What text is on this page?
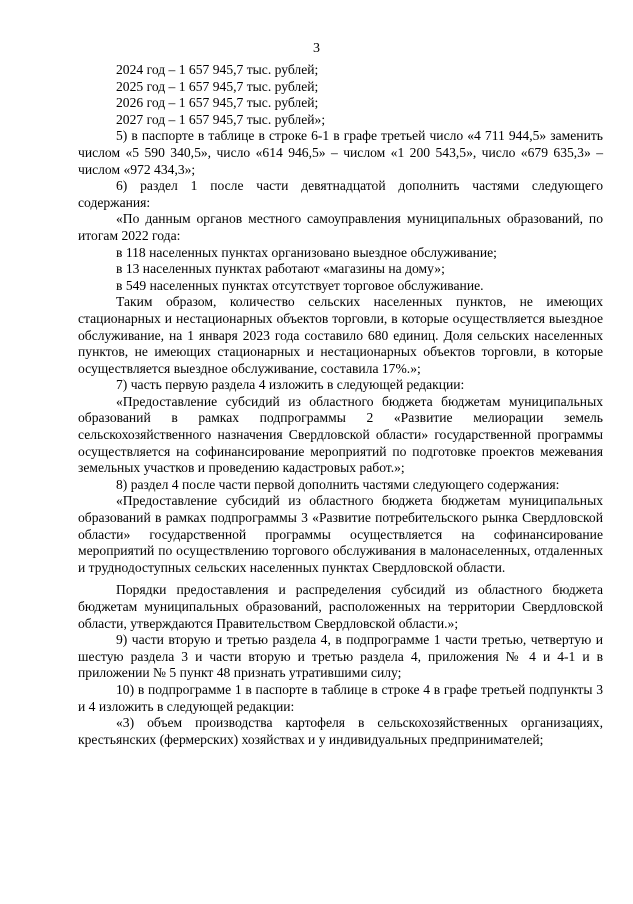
3

2024 год – 1 657 945,7 тыс. рублей;

2025 год – 1 657 945,7 тыс. рублей;

2026 год – 1 657 945,7 тыс. рублей;

2027 год – 1 657 945,7 тыс. рублей»;

5) в паспорте в таблице в строке 6-1 в графе третьей число «4 711 944,5» заменить числом «5 590 340,5», число «614 946,5» – числом «1 200 543,5», число «679 635,3» – числом «972 434,3»;

6) раздел 1 после части девятнадцатой дополнить частями следующего содержания:

«По данным органов местного самоуправления муниципальных образований, по итогам 2022 года:

в 118 населенных пунктах организовано выездное обслуживание;

в 13 населенных пунктах работают «магазины на дому»;

в 549 населенных пунктах отсутствует торговое обслуживание.

Таким образом, количество сельских населенных пунктов, не имеющих стационарных и нестационарных объектов торговли, в которые осуществляется выездное обслуживание, на 1 января 2023 года составило 680 единиц. Доля сельских населенных пунктов, не имеющих стационарных и нестационарных объектов торговли, в которые осуществляется выездное обслуживание, составила 17%.»;

7) часть первую раздела 4 изложить в следующей редакции:

«Предоставление субсидий из областного бюджета бюджетам муниципальных образований в рамках подпрограммы 2 «Развитие мелиорации земель сельскохозяйственного назначения Свердловской области» государственной программы осуществляется на софинансирование мероприятий по подготовке проектов межевания земельных участков и проведению кадастровых работ.»;

8) раздел 4 после части первой дополнить частями следующего содержания:

«Предоставление субсидий из областного бюджета бюджетам муниципальных образований в рамках подпрограммы 3 «Развитие потребительского рынка Свердловской области» государственной программы осуществляется на софинансирование мероприятий по осуществлению торгового обслуживания в малонаселенных, отдаленных и труднодоступных сельских населенных пунктах Свердловской области.

Порядки предоставления и распределения субсидий из областного бюджета бюджетам муниципальных образований, расположенных на территории Свердловской области, утверждаются Правительством Свердловской области.»;

9) части вторую и третью раздела 4, в подпрограмме 1 части третью, четвертую и шестую раздела 3 и части вторую и третью раздела 4, приложения № 4 и 4-1 и в приложении № 5 пункт 48 признать утратившими силу;

10) в подпрограмме 1 в паспорте в таблице в строке 4 в графе третьей подпункты 3 и 4 изложить в следующей редакции:

«3) объем производства картофеля в сельскохозяйственных организациях, крестьянских (фермерских) хозяйствах и у индивидуальных предпринимателей;
